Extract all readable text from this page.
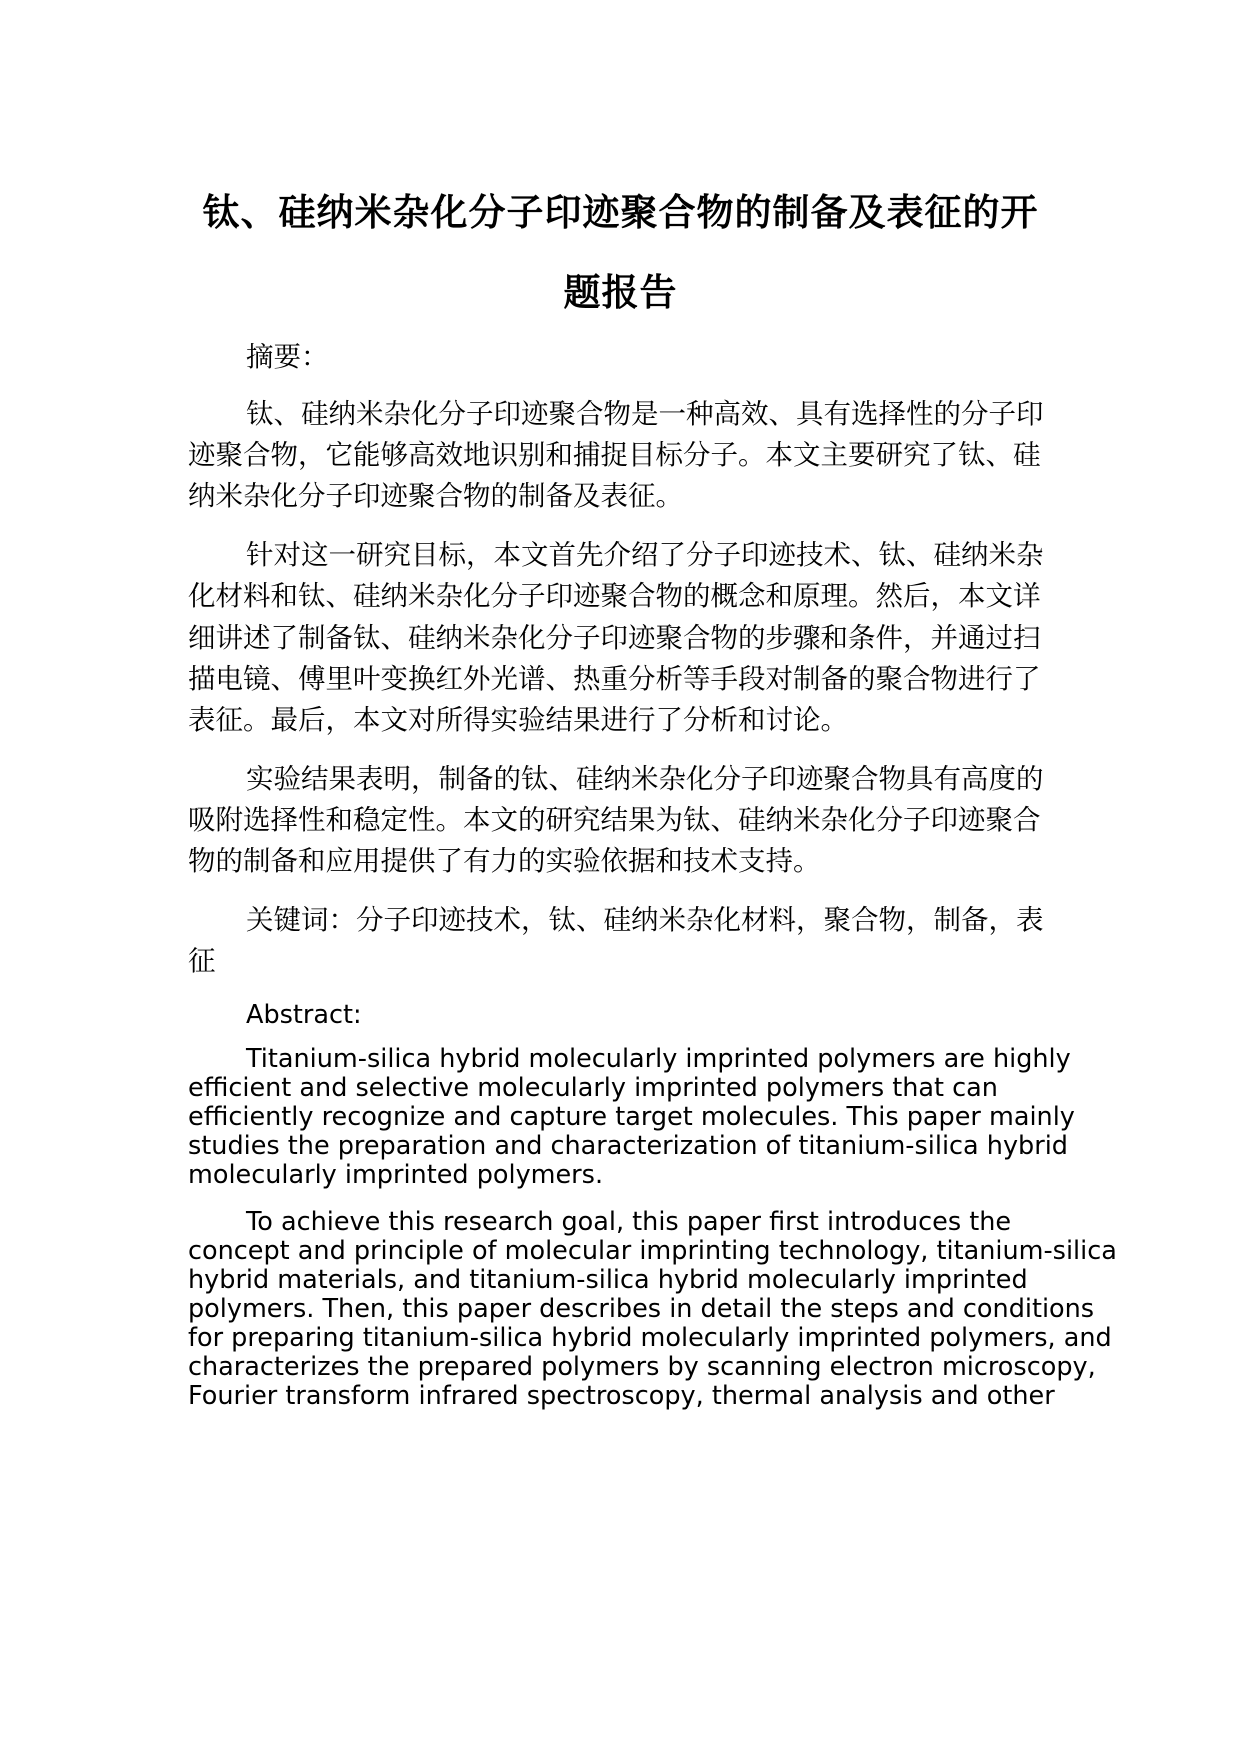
钛、硅纳米杂化分子印迹聚合物的制备及表征的开
题报告
摘要：
钛、硅纳米杂化分子印迹聚合物是一种高效、具有选择性的分子印
迹聚合物，它能够高效地识别和捕捉目标分子。本文主要研究了钛、硅
纳米杂化分子印迹聚合物的制备及表征。
针对这一研究目标，本文首先介绍了分子印迹技术、钛、硅纳米杂
化材料和钛、硅纳米杂化分子印迹聚合物的概念和原理。然后，本文详
细讲述了制备钛、硅纳米杂化分子印迹聚合物的步骤和条件，并通过扫
描电镜、傅里叶变换红外光谱、热重分析等手段对制备的聚合物进行了
表征。最后，本文对所得实验结果进行了分析和讨论。
实验结果表明，制备的钛、硅纳米杂化分子印迹聚合物具有高度的
吸附选择性和稳定性。本文的研究结果为钛、硅纳米杂化分子印迹聚合
物的制备和应用提供了有力的实验依据和技术支持。
关键词：分子印迹技术，钛、硅纳米杂化材料，聚合物，制备，表
征
Abstract:
Titanium-silica hybrid molecularly imprinted polymers are highly
efficient and selective molecularly imprinted polymers that can
efficiently recognize and capture target molecules. This paper mainly
studies the preparation and characterization of titanium-silica hybrid
molecularly imprinted polymers.
To achieve this research goal, this paper first introduces the
concept and principle of molecular imprinting technology, titanium-silica
hybrid materials, and titanium-silica hybrid molecularly imprinted
polymers. Then, this paper describes in detail the steps and conditions
for preparing titanium-silica hybrid molecularly imprinted polymers, and
characterizes the prepared polymers by scanning electron microscopy,
Fourier transform infrared spectroscopy, thermal analysis and other
